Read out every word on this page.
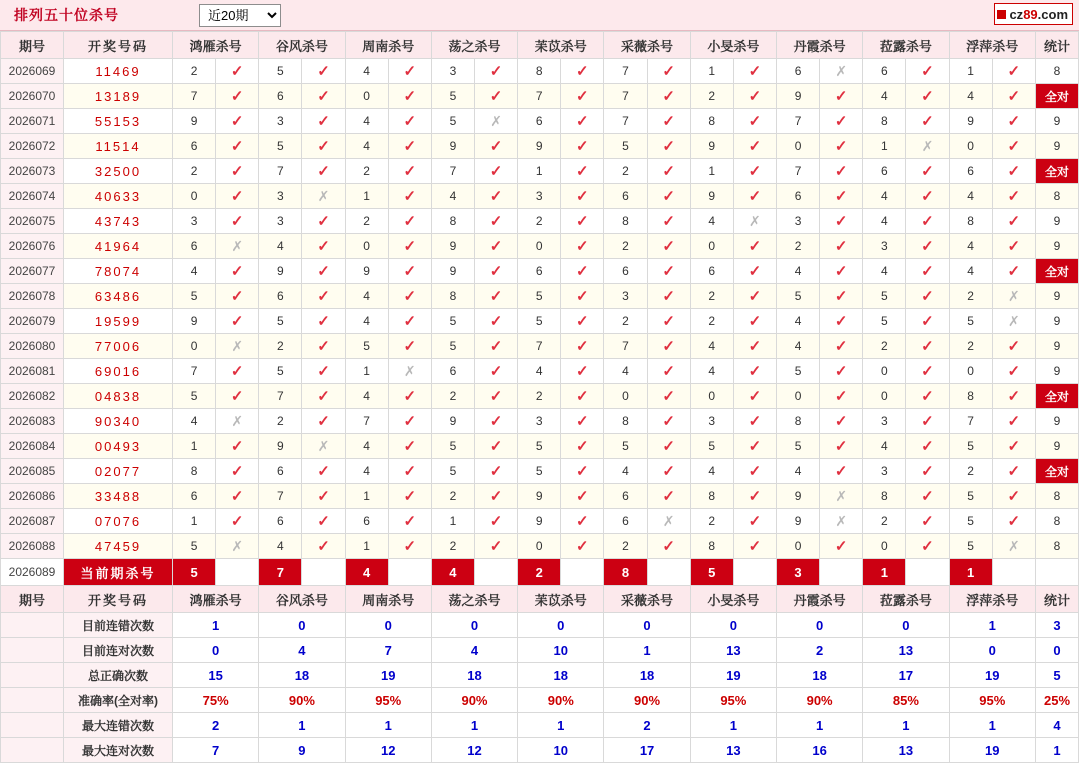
排列五十位杀号
近20期	cz 89 .com
期号	开奖号码	鸿雁杀号		谷风杀号		周南杀号		荡之杀号		苿苡杀号		采薇杀号		小旻杀号		丹霞杀号		菈露杀号		浮萍杀号		统计
2026069	11469	2	✓	5	✓	4	✓	3	✓	8	✓	7	✓	1	✓	6	✗	6	✓	1	✓	8
2026070	13189	7	✓	6	✓	0	✓	5	✓	7	✓	7	✓	2	✓	9	✓	4	✓	4	✓	全对
2026071	55153	9	✓	3	✓	4	✓	5	✗	6	✓	7	✓	8	✓	7	✓	8	✓	9	✓	9
2026072	11514	6	✓	5	✓	4	✓	9	✓	9	✓	5	✓	9	✓	0	✓	1	✗	0	✓	9
2026073	32500	2	✓	7	✓	2	✓	7	✓	1	✓	2	✓	1	✓	7	✓	6	✓	6	✓	全对
2026074	40633	0	✓	3	✗	1	✓	4	✓	3	✓	6	✓	9	✓	6	✓	4	✓	4	✓	8
2026075	43743	3	✓	3	✓	2	✓	8	✓	2	✓	8	✓	4	✗	3	✓	4	✓	8	✓	9
2026076	41964	6	✗	4	✓	0	✓	9	✓	0	✓	2	✓	0	✓	2	✓	3	✓	4	✓	9
2026077	78074	4	✓	9	✓	9	✓	9	✓	6	✓	6	✓	6	✓	4	✓	4	✓	4	✓	全对
2026078	63486	5	✓	6	✓	4	✓	8	✓	5	✓	3	✓	2	✓	5	✓	5	✓	2	✗	9
2026079	19599	9	✓	5	✓	4	✓	5	✓	5	✓	2	✓	2	✓	4	✓	5	✓	5	✗	9
2026080	77006	0	✗	2	✓	5	✓	5	✓	7	✓	7	✓	4	✓	4	✓	2	✓	2	✓	9
2026081	69016	7	✓	5	✓	1	✗	6	✓	4	✓	4	✓	4	✓	5	✓	0	✓	0	✓	9
2026082	04838	5	✓	7	✓	4	✓	2	✓	2	✓	0	✓	0	✓	0	✓	0	✓	8	✓	全对
2026083	90340	4	✗	2	✓	7	✓	9	✓	3	✓	8	✓	3	✓	8	✓	3	✓	7	✓	9
2026084	00493	1	✓	9	✗	4	✓	5	✓	5	✓	5	✓	5	✓	5	✓	4	✓	5	✓	9
2026085	02077	8	✓	6	✓	4	✓	5	✓	5	✓	4	✓	4	✓	4	✓	3	✓	2	✓	全对
2026086	33488	6	✓	7	✓	1	✓	2	✓	9	✓	6	✓	8	✓	9	✗	8	✓	5	✓	8
2026087	07076	1	✓	6	✓	6	✓	1	✓	9	✓	6	✗	2	✓	9	✗	2	✓	5	✓	8
2026088	47459	5	✗	4	✓	1	✓	2	✓	0	✓	2	✓	8	✓	0	✓	0	✓	5	✗	8
2026089	当前期杀号	5		7		4		4		2		8		5		3		1		1		
期号	开奖号码	鸿雁杀号		谷风杀号		周南杀号		荡之杀号		苿苡杀号		采薇杀号		小旻杀号		丹霞杀号		菈露杀号		浮萍杀号		统计
	目前连错次数	1		0		0		0		0		0		0		0		0		1		3
	目前连对次数	0		4		7		4		10		1		13		2		13		0		0
	总正确次数	15		18		19		18		18		18		19		18		17		19		5
	准确率(全对率)	75%		90%		95%		90%		90%		90%		95%		90%		85%		95%		25%
	最大连错次数	2		1		1		1		1		2		1		1		1		1		4
	最大连对次数	7		9		12		12		10		17		13		16		13		19		1
